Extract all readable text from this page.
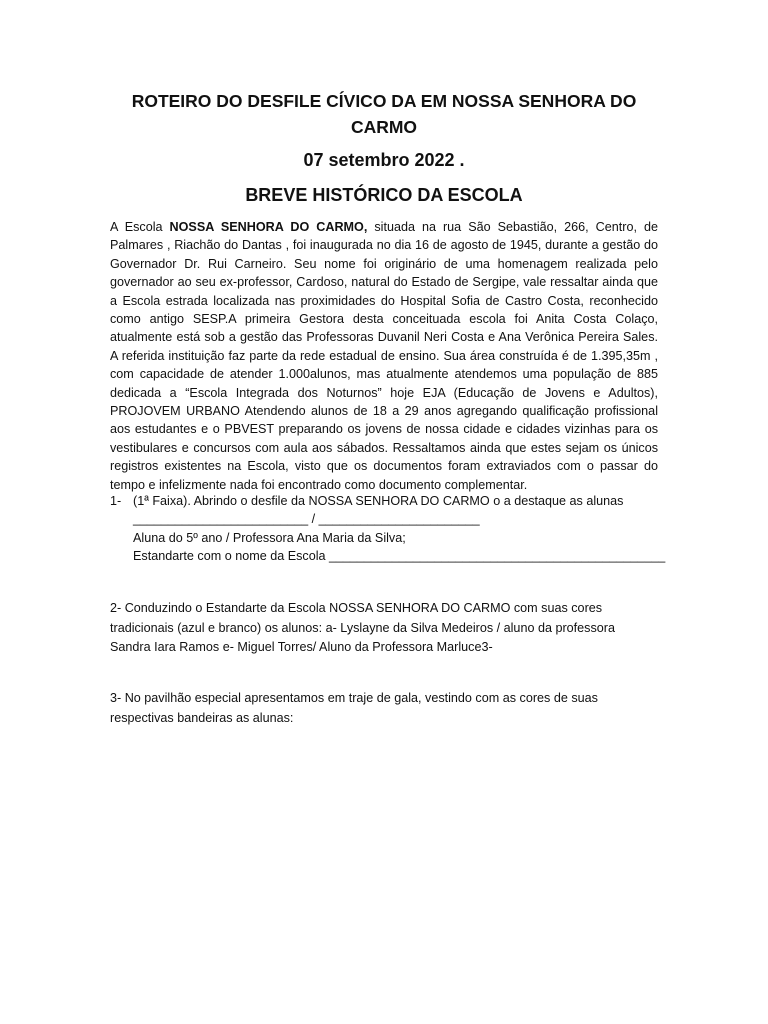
ROTEIRO DO DESFILE CÍVICO DA EM NOSSA SENHORA DO
CARMO
07 setembro 2022 .
BREVE HISTÓRICO DA ESCOLA

A Escola NOSSA SENHORA DO CARMO, situada na rua São Sebastião, 266, Centro, de Palmares , Riachão do Dantas , foi inaugurada no dia 16 de agosto de 1945, durante a gestão do Governador Dr. Rui Carneiro. Seu nome foi originário de uma homenagem realizada pelo governador ao seu ex-professor, Cardoso, natural do Estado de Sergipe, vale ressaltar ainda que a Escola estrada localizada nas proximidades do Hospital Sofia de Castro Costa, reconhecido como antigo SESP.A primeira Gestora desta conceituada escola foi Anita Costa Colaço, atualmente está sob a gestão das Professoras Duvanil Neri Costa e Ana Verônica Pereira Sales. A referida instituição faz parte da rede estadual de ensino. Sua área construída é de 1.395,35m , com capacidade de atender 1.000alunos, mas atualmente atendemos uma população de 885 dedicada a “Escola Integrada dos Noturnos” hoje EJA (Educação de Jovens e Adultos), PROJOVEM URBANO Atendendo alunos de 18 a 29 anos agregando qualificação profissional aos estudantes e o PBVEST preparando os jovens de nossa cidade e cidades vizinhas para os vestibulares e concursos com aula aos sábados. Ressaltamos ainda que estes sejam os únicos registros existentes na Escola, visto que os documentos foram extraviados com o passar do tempo e infelizmente nada foi encontrado como documento complementar.

1- (1ª Faixa). Abrindo o desfile da NOSSA SENHORA DO CARMO o a destaque as alunas
_________________________ / _______________________
Aluna do 5º ano / Professora Ana Maria da Silva;
Estandarte com o nome da Escola ________________________________________________

2- Conduzindo o Estandarte da Escola NOSSA SENHORA DO CARMO com suas cores
tradicionais (azul e branco) os alunos: a- Lyslayne da Silva Medeiros / aluno da professora
Sandra Iara Ramos e- Miguel Torres/ Aluno da Professora Marluce3-

3- No pavilhão especial apresentamos em traje de gala, vestindo com as cores de suas
respectivas bandeiras as alunas:
